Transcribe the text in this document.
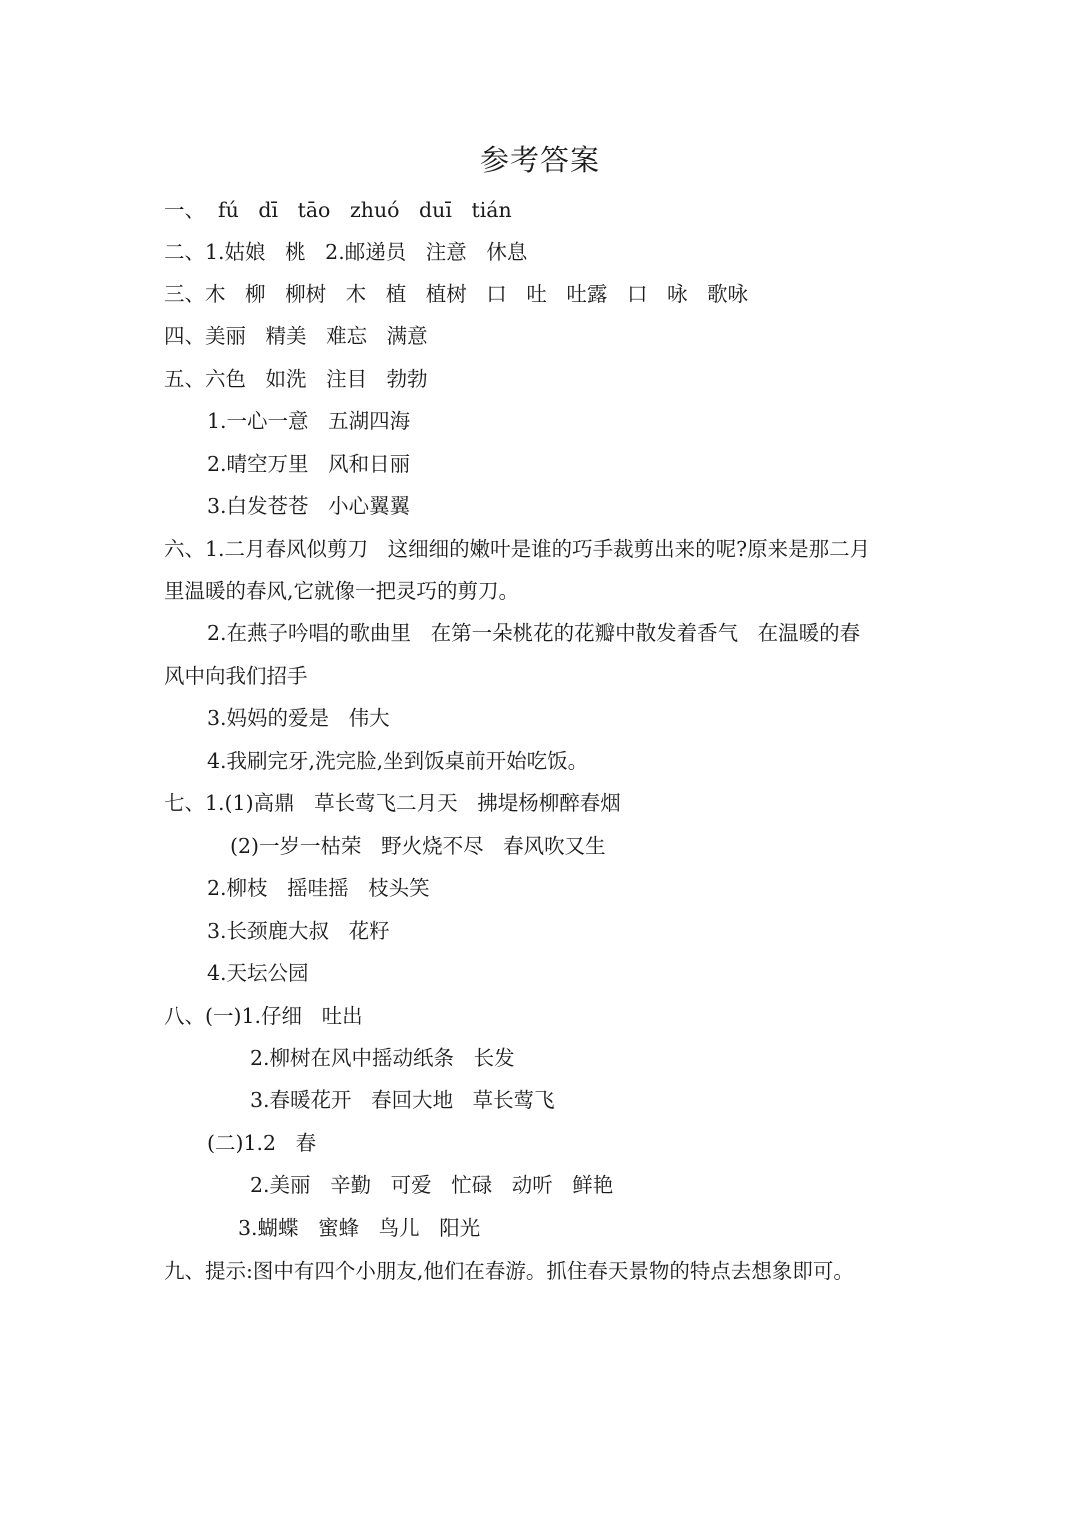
参考答案
一、  fú   dī   tāo   zhuó   duī   tián
二、1.姑娘   桃   2.邮递员   注意   休息
三、木   柳   柳树   木   植   植树   口   吐   吐露   口   咏   歌咏
四、美丽   精美   难忘   满意
五、六色   如洗   注目   勃勃
1.一心一意   五湖四海
2.晴空万里   风和日丽
3.白发苍苍   小心翼翼
六、1.二月春风似剪刀   这细细的嫩叶是谁的巧手裁剪出来的呢?原来是那二月
里温暖的春风,它就像一把灵巧的剪刀。
2.在燕子吟唱的歌曲里   在第一朵桃花的花瓣中散发着香气   在温暖的春
风中向我们招手
3.妈妈的爱是   伟大
4.我刷完牙,洗完脸,坐到饭桌前开始吃饭。
七、1.(1)高鼎   草长莺飞二月天   拂堤杨柳醉春烟
(2)一岁一枯荣   野火烧不尽   春风吹又生
2.柳枝   摇哇摇   枝头笑
3.长颈鹿大叔   花籽
4.天坛公园
八、(一)1.仔细   吐出
2.柳树在风中摇动纸条   长发
3.春暖花开   春回大地   草长莺飞
(二)1.2   春
2.美丽   辛勤   可爱   忙碌   动听   鲜艳
3.蝴蝶   蜜蜂   鸟儿   阳光
九、提示:图中有四个小朋友,他们在春游。抓住春天景物的特点去想象即可。
